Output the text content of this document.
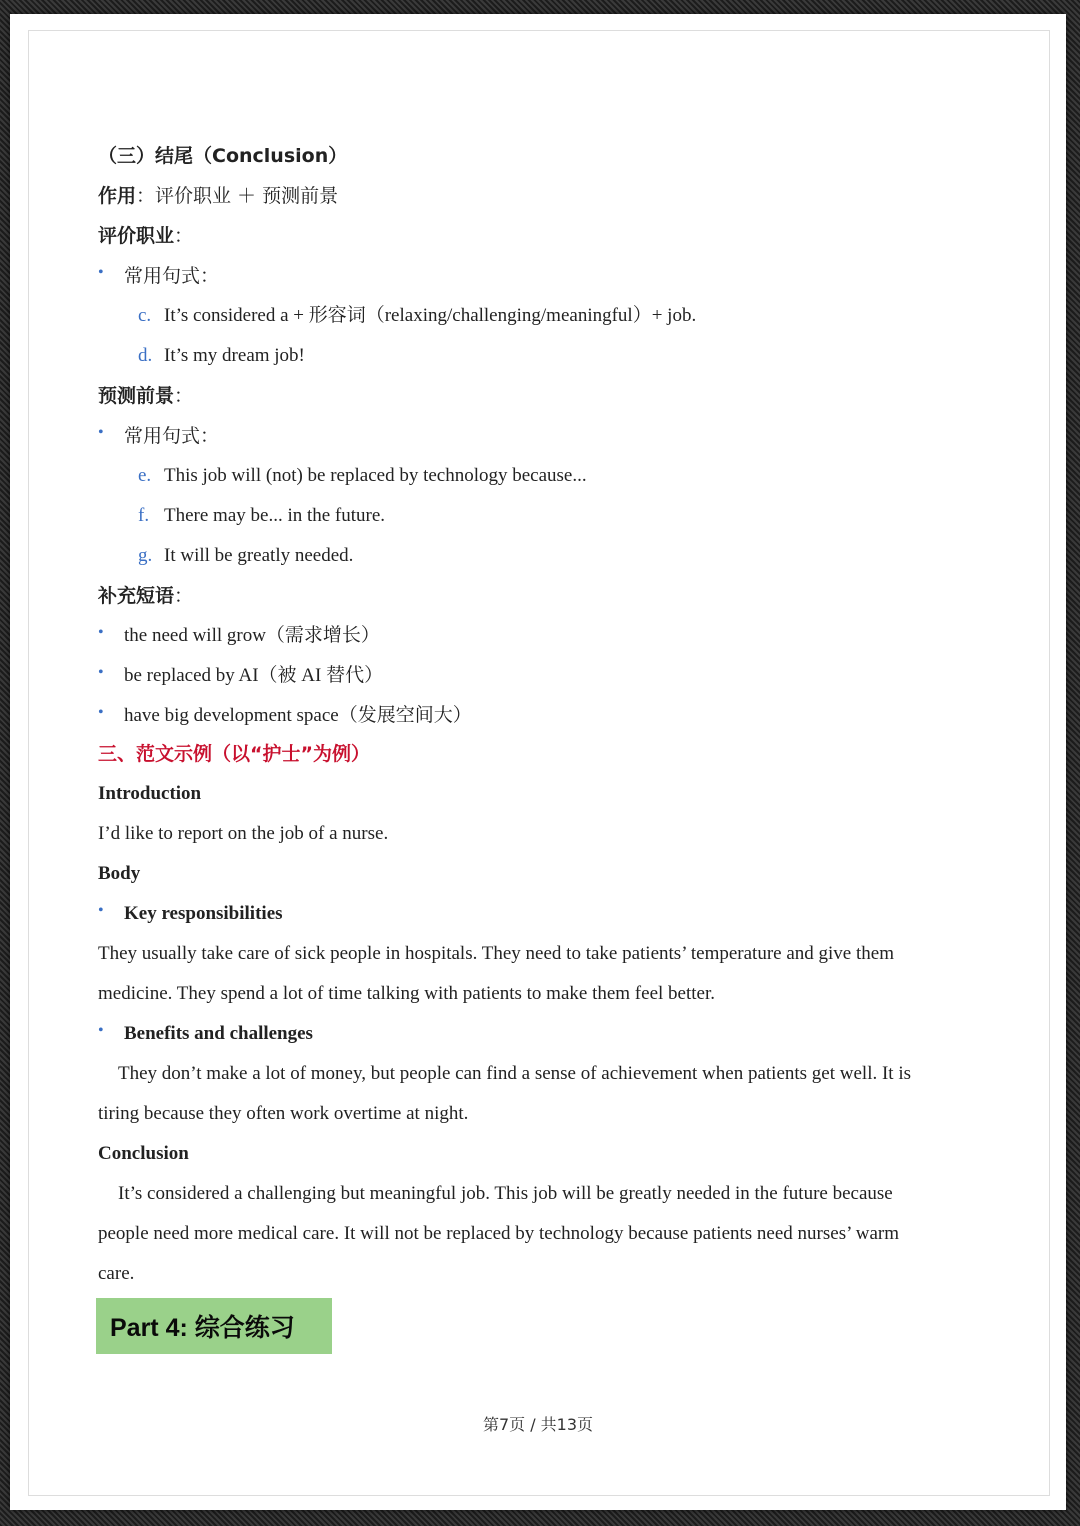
（三）结尾（Conclusion）
作用：评价职业 ＋ 预测前景
评价职业：
• 常用句式：
c. It’s considered a + 形容词（relaxing/challenging/meaningful）+ job.
d. It’s my dream job!
预测前景：
• 常用句式：
e. This job will (not) be replaced by technology because...
f. There may be... in the future.
g. It will be greatly needed.
补充短语：
• the need will grow（需求增长）
• be replaced by AI（被 AI 替代）
• have big development space（发展空间大）
三、范文示例（以“护士”为例）
Introduction
I’d like to report on the job of a nurse.
Body
• Key responsibilities
They usually take care of sick people in hospitals. They need to take patients’ temperature and give them
medicine. They spend a lot of time talking with patients to make them feel better.
• Benefits and challenges
They don’t make a lot of money, but people can find a sense of achievement when patients get well. It is
tiring because they often work overtime at night.
Conclusion
It’s considered a challenging but meaningful job. This job will be greatly needed in the future because
people need more medical care. It will not be replaced by technology because patients need nurses’ warm
care.
Part 4: 综合练习
第7页 / 共13页
